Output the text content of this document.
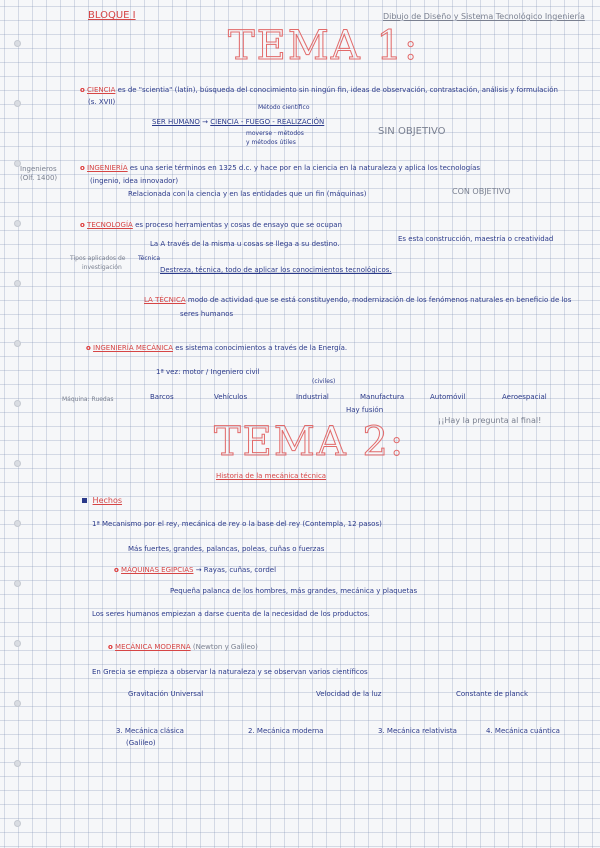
BLOQUE I	Dibujo de Diseño y Sistema Tecnológico Ingeniería
TEMA 1:
o CIENCIA es de "scientia" (latín), búsqueda del conocimiento sin ningún fin, ideas de observación, contrastación, análisis y formulación
(s. XVII)
Método científico
SER HUMANO → CIENCIA - FUEGO - REALIZACIÓN
moverse · métodos
y métodos útiles
SIN OBJETIVO
Ingenieros
(Olf. 1400)
o INGENIERÍA es una serie términos en 1325 d.c. y hace por en la ciencia en la naturaleza y aplica los tecnologías
(ingenio, idea innovador)
Relacionada con la ciencia y en las entidades que un fin (máquinas)	CON OBJETIVO
o TECNOLOGÍA es proceso herramientas y cosas de ensayo que se ocupan
La A través de la misma u cosas se llega a su destino.
Es esta construcción, maestría o creatividad
Tipos aplicados de
investigación
Técnica
Destreza, técnica, todo de aplicar los conocimientos tecnológicos.
LA TÉCNICA modo de actividad que se está constituyendo, modernización de los fenómenos naturales en beneficio de los
seres humanos
o INGENIERÍA MECÁNICA es sistema conocimientos a través de la Energía.
1ª vez: motor / Ingeniero civil
(civiles)
Máquina: Ruedas	Barcos	Vehículos	Industrial	Manufactura	Automóvil	Aeroespacial
Hay fusión
¡¡Hay la pregunta al final!
TEMA 2:
Historia de la mecánica técnica
Hechos
1ª Mecanismo por el rey, mecánica de rey o la base del rey (Contempla, 12 pasos)
Más fuertes, grandes, palancas, poleas, cuñas o fuerzas
o MÁQUINAS EGIPCIAS → Rayas, cuñas, cordel
Pequeña palanca de los hombres, más grandes, mecánica y plaquetas
Los seres humanos empiezan a darse cuenta de la necesidad de los productos.
o MECÁNICA MODERNA (Newton y Galileo)
En Grecia se empieza a observar la naturaleza y se observan varios científicos
Gravitación Universal	Velocidad de la luz	Constante de planck
3. Mecánica clásica
(Galileo)
2. Mecánica moderna	3. Mecánica relativista	4. Mecánica cuántica
